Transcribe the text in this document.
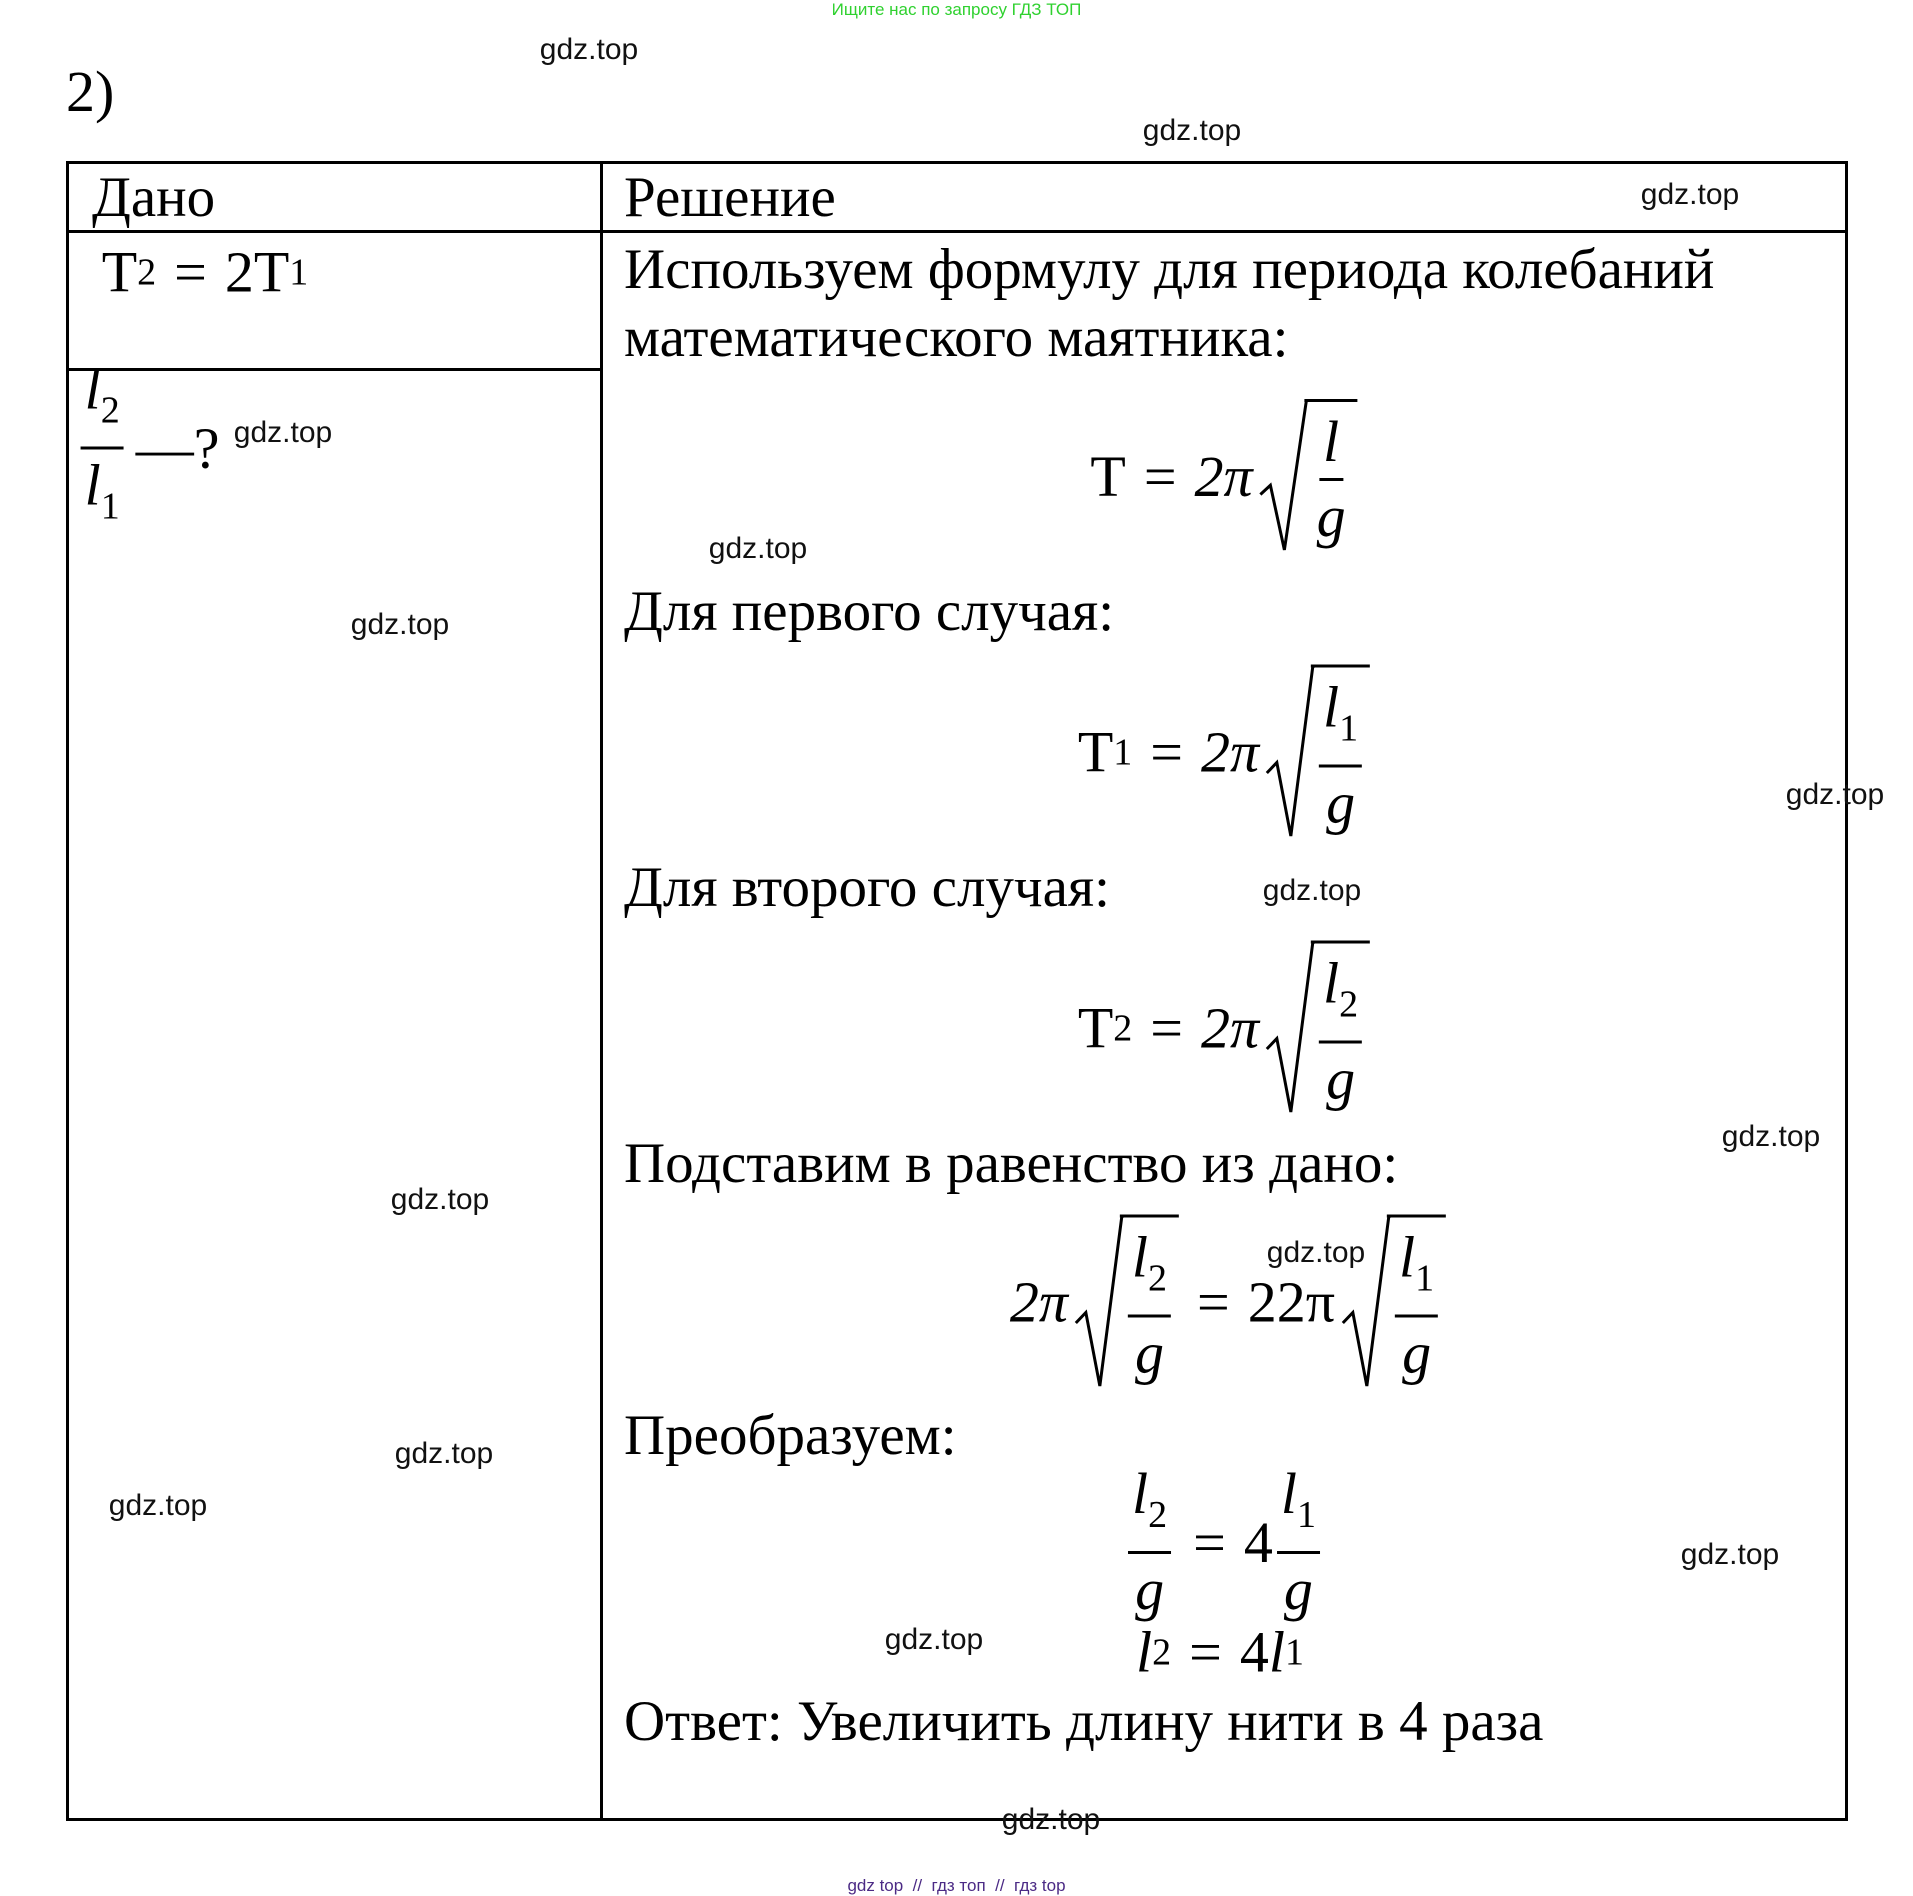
Ищите нас по запросу ГДЗ ТОП
2)
Дано	Решение
T 2 = 2T 1
$\frac{l_2}{l_1}$ —?
Используем формулу для периода колебаний
математического маятника:
$T = 2\pi \frac{l}{g}$
Для первого случая:
T $1 = 2\pi \frac{l_1}{g}$
Для второго случая:
T $2 = 2\pi \frac{l_2}{g}$
Подставим в равенство из дано:
$2\pi \frac{l_2}{g} = 22\pi \frac{l_1}{g}$
Преобразуем:
$\frac{l_2}{g} = 4 \frac{l_1}{g}$
l 2 = 4 l 1
Ответ: Увеличить длину нити в 4 раза
gdz.top
gdz.top
gdz.top
gdz.top
gdz.top
gdz.top
gdz.top
gdz.top
gdz.top
gdz.top
gdz.top
gdz.top
gdz.top
gdz.top
gdz.top
gdz.top
gdz top  //  гдз топ  //  гдз top
